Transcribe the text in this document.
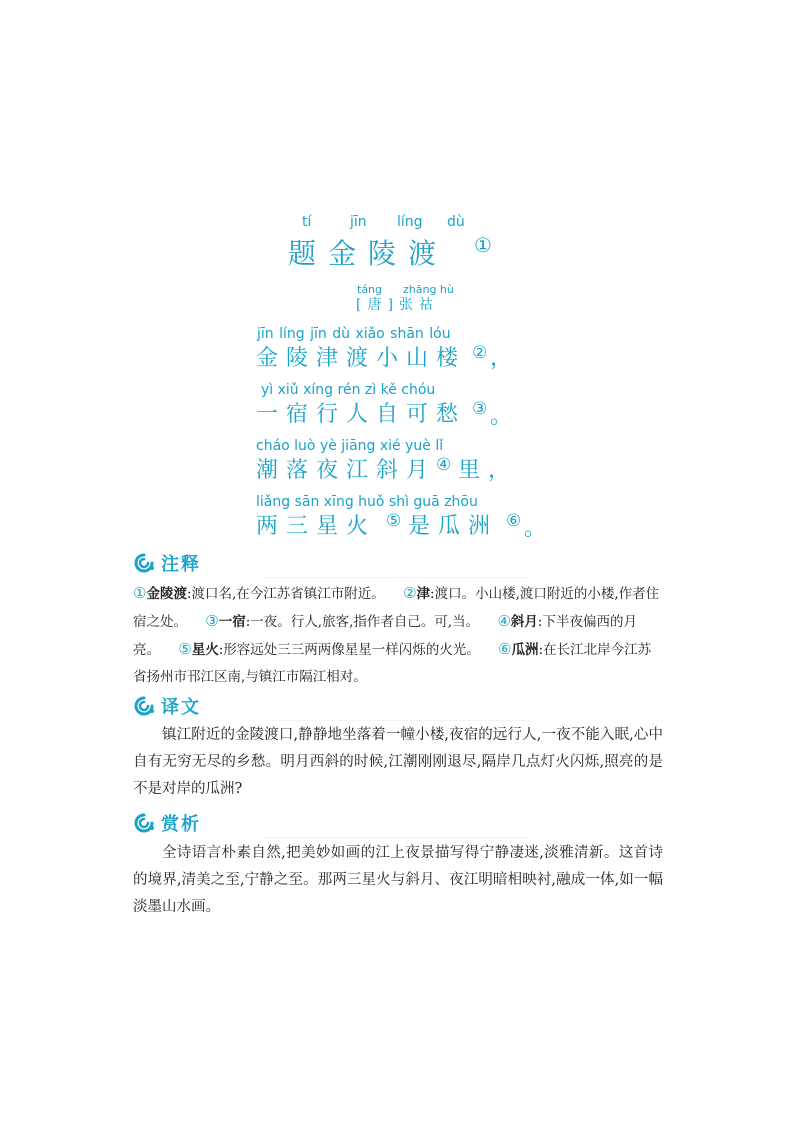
tí	jīn líng dù
题金陵渡 ①
táng zhāng hù
[唐]张祜
jīn líng jīn dù xiǎo shān lóu
金陵津渡小山楼 ② ，
yì xiǔ xíng rén zì kě chóu
一宿行人自可愁 ③ 。
cháo luò yè jiāng xié yuè lǐ
潮落夜江斜月 ④ 里 ，
liǎng sān xīng huǒ shì guā zhōu
两三星火 ⑤ 是瓜洲 ⑥ 。
注释
①金陵渡:渡口名,在今江苏省镇江市附近。 ②津:渡口。小山楼,渡口附近的小楼,作者住宿之处。 ③一宿:一夜。行人,旅客,指作者自己。可,当。 ④斜月:下半夜偏西的月亮。 ⑤星火:形容远处三三两两像星星一样闪烁的火光。 ⑥瓜洲:在长江北岸今江苏省扬州市邗江区南,与镇江市隔江相对。
译文

镇江附近的金陵渡口,静静地坐落着一幢小楼,夜宿的远行人,一夜不能入眠,心中自有无穷无尽的乡愁。明月西斜的时候,江潮刚刚退尽,隔岸几点灯火闪烁,照亮的是不是对岸的瓜洲?

赏析

全诗语言朴素自然,把美妙如画的江上夜景描写得宁静凄迷,淡雅清新。这首诗的境界,清美之至,宁静之至。那两三星火与斜月、夜江明暗相映衬,融成一体,如一幅淡墨山水画。
